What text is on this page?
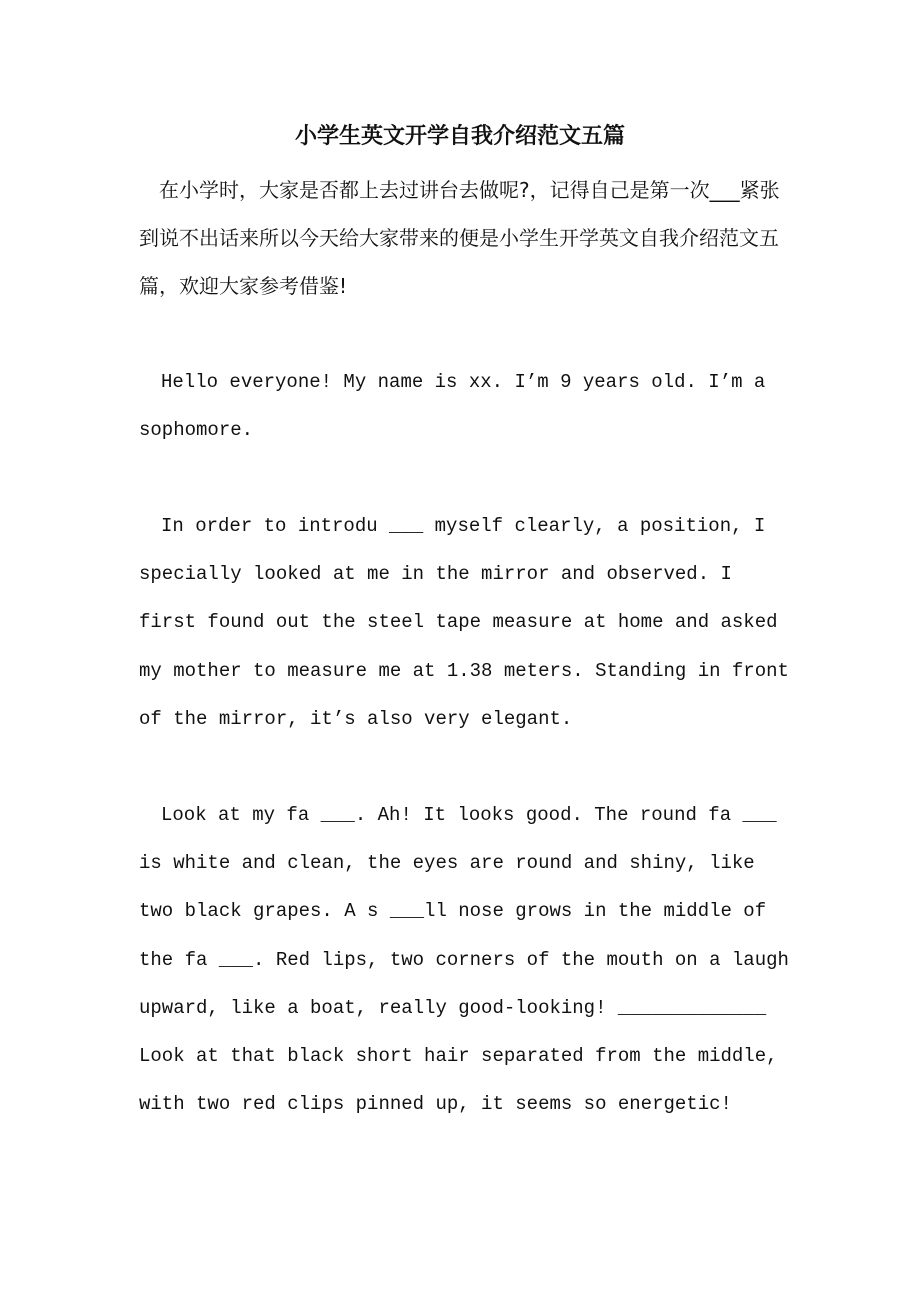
小学生英文开学自我介绍范文五篇

在小学时，大家是否都上去过讲台去做呢?，记得自己是第一次___紧张到说不出话来所以今天给大家带来的便是小学生开学英文自我介绍范文五篇，欢迎大家参考借鉴!

Hello everyone! My name is xx. I’m 9 years old. I’m a sophomore.

In order to introdu ___ myself clearly, a position, I specially looked at me in the mirror and observed. I first found out the steel tape measure at home and asked my mother to measure me at 1.38 meters. Standing in front of the mirror, it’s also very elegant.

Look at my fa ___. Ah! It looks good. The round fa ___ is white and clean, the eyes are round and shiny, like two black grapes. A s ___ll nose grows in the middle of the fa ___. Red lips, two corners of the mouth on a laugh upward, like a boat, really good-looking! _____________ Look at that black short hair separated from the middle, with two red clips pinned up, it seems so energetic!
